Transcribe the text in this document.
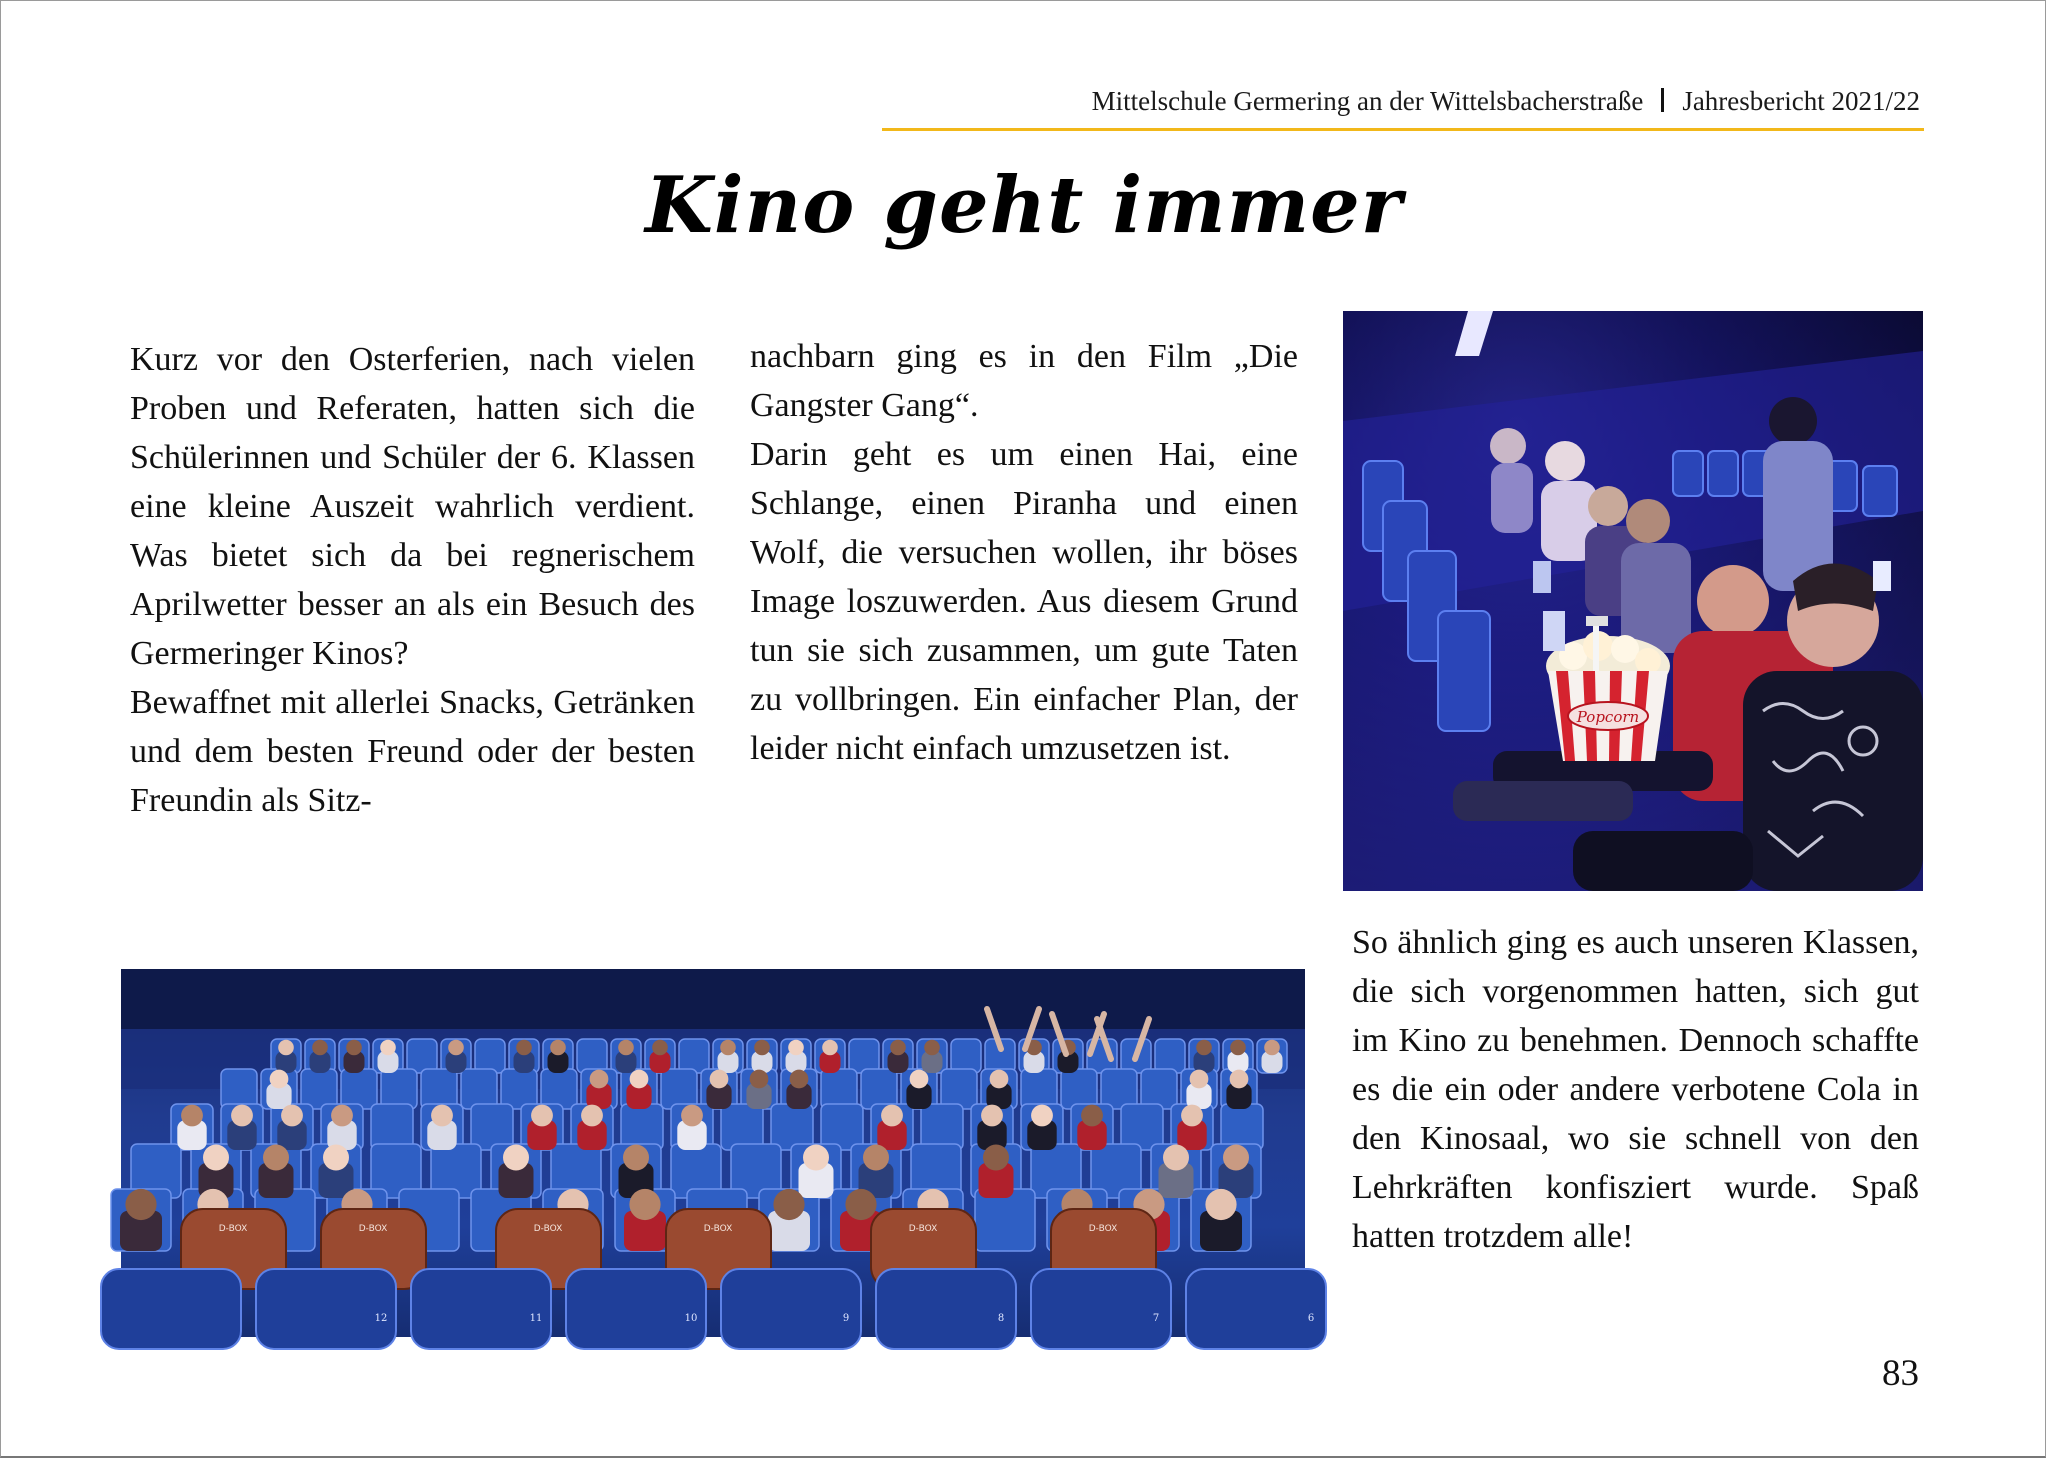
Mittelschule Germering an der Wittelsbacherstraße Jahresbericht 2021/22
Kino geht immer

Kurz vor den Osterferien, nach vielen Proben und Referaten, hatten sich die Schülerinnen und Schüler der 6. Klassen eine kleine Auszeit wahrlich verdient. Was bietet sich da bei regnerischem Aprilwetter besser an als ein Besuch des Germeringer Kinos?

Bewaffnet mit allerlei Snacks, Getränken und dem besten Freund oder der besten Freundin als Sitz-

nachbarn ging es in den Film „Die Gangster Gang“.

Darin geht es um einen Hai, eine Schlange, einen Piranha und einen Wolf, die versuchen wollen, ihr böses Image loszuwerden. Aus diesem Grund tun sie sich zusammen, um gute Taten zu vollbringen. Ein einfacher Plan, der leider nicht einfach umzusetzen ist.

Popcorn
D-BOX	D-BOX	D-BOX	D-BOX	D-BOX	D-BOX
12	11	10	9	8	7	6

So ähnlich ging es auch unseren Klassen, die sich vorgenommen hatten, sich gut im Kino zu benehmen. Dennoch schaffte es die ein oder andere verbotene Cola in den Kinosaal, wo sie schnell von den Lehrkräften konfisziert wurde. Spaß hatten trotzdem alle!

83
